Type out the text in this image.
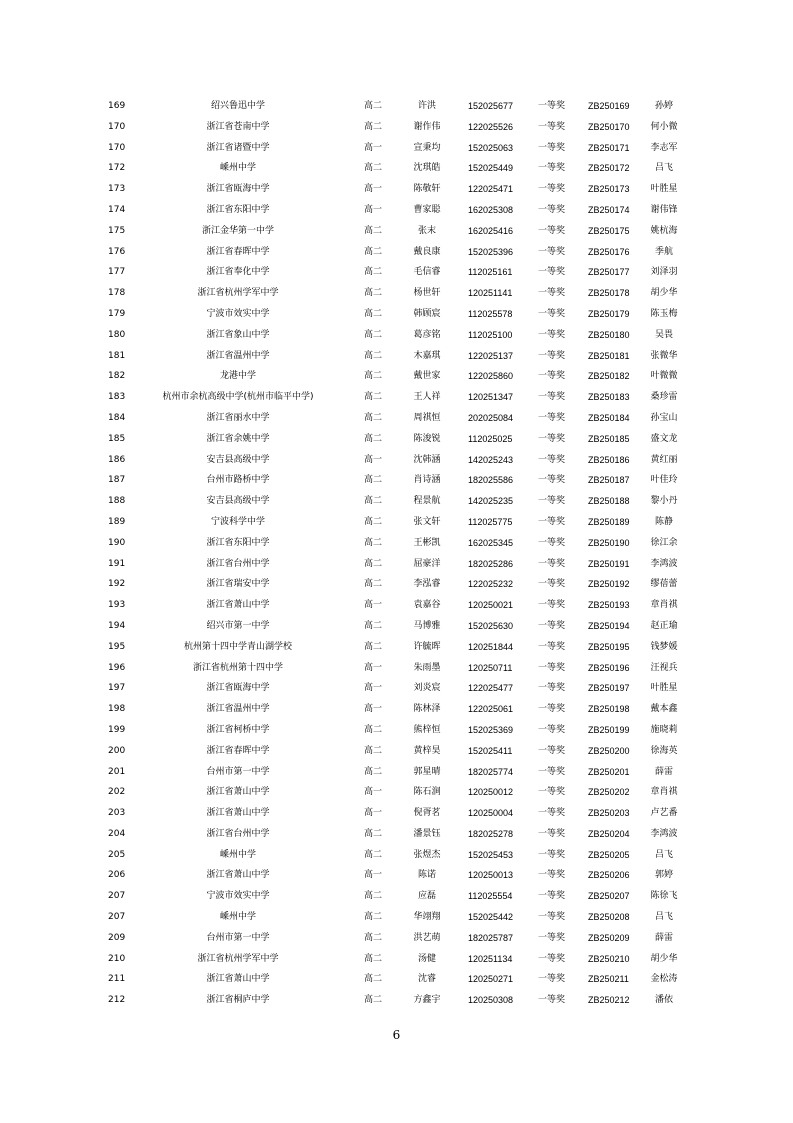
169	绍兴鲁迅中学	高二	许洪	152025677	一等奖	ZB250169	孙婷
170	浙江省苍南中学	高二	谢作伟	122025526	一等奖	ZB250170 何小微
170	浙江省诸暨中学	高一	宣秉均	152025063	一等奖	ZB250171 李志军
172	嵊州中学	高二	沈琪皓	152025449	一等奖	ZB250172	吕飞
173	浙江省瓯海中学	高一	陈敬轩	122025471	一等奖	ZB250173 叶胜星
174	浙江省东阳中学	高一	曹家聪	162025308	一等奖	ZB250174 谢伟锋
175	浙江金华第一中学	高二	张末	162025416	一等奖	ZB250175 姚杭海
176	浙江省春晖中学	高二	戴良康	152025396	一等奖	ZB250176	季航
177	浙江省奉化中学	高二	毛信睿	112025161	一等奖	ZB250177 刘泽羽
178	浙江省杭州学军中学	高二	杨世轩	120251141	一等奖	ZB250178 胡少华
179	宁波市效实中学	高二	韩顾宸	112025578	一等奖	ZB250179 陈玉梅
180	浙江省象山中学	高二	葛彦铭	112025100	一等奖	ZB250180	吴畏
181	浙江省温州中学	高二	木嘉琪	122025137	一等奖	ZB250181 张微华
182	龙港中学	高二	戴世家	122025860	一等奖	ZB250182 叶微微
183	杭州市余杭高级中学(杭州市临平中学)	高二	王人祥	120251347	一等奖	ZB250183 桑珍雷
184	浙江省丽水中学	高二	周祺恒	202025084	一等奖	ZB250184 孙宝山
185	浙江省余姚中学	高二	陈浚锐	112025025	一等奖	ZB250185 盛文龙
186	安吉县高级中学	高一	沈韩涵	142025243	一等奖	ZB250186 黄红丽
187	台州市路桥中学	高二	肖诗涵	182025586	一等奖	ZB250187 叶佳玲
188	安吉县高级中学	高二	程景航	142025235	一等奖	ZB250188 黎小丹
189	宁波科学中学	高二	张文轩	112025775	一等奖	ZB250189	陈静
190	浙江省东阳中学	高二	王彬凯	162025345	一等奖	ZB250190 徐江余
191	浙江省台州中学	高二	屈豪洋	182025286	一等奖	ZB250191 李鸿波
192	浙江省瑞安中学	高二	李泓睿	122025232	一等奖	ZB250192 缪蓓蕾
193	浙江省萧山中学	高一	袁嘉谷	120250021	一等奖	ZB250193 章肖祺
194	绍兴市第一中学	高二	马博雅	152025630	一等奖	ZB250194 赵正瑜
195	杭州第十四中学青山湖学校	高二	许毓晖	120251844	一等奖	ZB250195 钱梦媛
196	浙江省杭州第十四中学	高一	朱雨墨	120250711	一等奖	ZB250196 汪视兵
197	浙江省瓯海中学	高一	刘炎宸	122025477	一等奖	ZB250197 叶胜星
198	浙江省温州中学	高一	陈林泽	122025061	一等奖	ZB250198 戴本鑫
199	浙江省柯桥中学	高二	熊梓恒	152025369	一等奖	ZB250199 施晓莉
200	浙江省春晖中学	高二	黄梓昊	152025411	一等奖	ZB250200 徐海英
201	台州市第一中学	高二	郭星晴	182025774	一等奖	ZB250201	薛雷
202	浙江省萧山中学	高一	陈石涧	120250012	一等奖	ZB250202 章肖祺
203	浙江省萧山中学	高一	倪胥茗	120250004	一等奖	ZB250203 卢艺番
204	浙江省台州中学	高二	潘景钰	182025278	一等奖	ZB250204 李鸿波
205	嵊州中学	高二	张煜杰	152025453	一等奖	ZB250205	吕飞
206	浙江省萧山中学	高一	陈诺	120250013	一等奖	ZB250206	郭婷
207	宁波市效实中学	高二	应磊	112025554	一等奖	ZB250207 陈徐飞
207	嵊州中学	高二	华翊翔	152025442	一等奖	ZB250208	吕飞
209	台州市第一中学	高二	洪艺萌	182025787	一等奖	ZB250209	薛雷
210	浙江省杭州学军中学	高二	汤健	120251134	一等奖	ZB250210 胡少华
211	浙江省萧山中学	高二	沈睿	120250271	一等奖	ZB250211 金松涛
212	浙江省桐庐中学	高二	方鑫宇	120250308	一等奖	ZB250212	潘依
6
